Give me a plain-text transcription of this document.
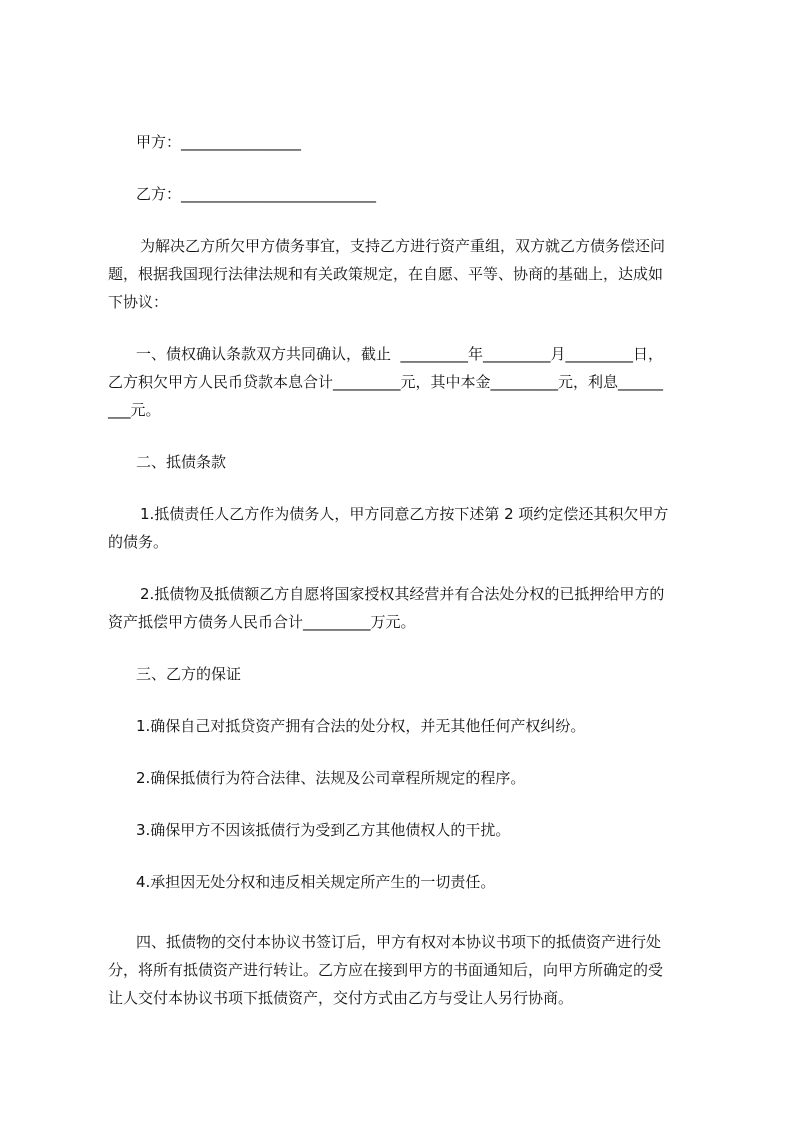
甲方：________________

乙方：__________________________

为解决乙方所欠甲方债务事宜，支持乙方进行资产重组，双方就乙方债务偿还问

题，根据我国现行法律法规和有关政策规定，在自愿、平等、协商的基础上，达成如

下协议：

一、债权确认条款双方共同确认，截止  _________年_________月_________日，

乙方积欠甲方人民币贷款本息合计_________元，其中本金_________元，利息______

___元。

二、抵债条款

1.抵债责任人乙方作为债务人，甲方同意乙方按下述第 2 项约定偿还其积欠甲方

的债务。

2.抵债物及抵债额乙方自愿将国家授权其经营并有合法处分权的已抵押给甲方的

资产抵偿甲方债务人民币合计_________万元。

三、乙方的保证

1.确保自己对抵贷资产拥有合法的处分权，并无其他任何产权纠纷。

2.确保抵债行为符合法律、法规及公司章程所规定的程序。

3.确保甲方不因该抵债行为受到乙方其他债权人的干扰。

4.承担因无处分权和违反相关规定所产生的一切责任。

四、抵债物的交付本协议书签订后，甲方有权对本协议书项下的抵债资产进行处

分，将所有抵债资产进行转让。乙方应在接到甲方的书面通知后，向甲方所确定的受

让人交付本协议书项下抵债资产，交付方式由乙方与受让人另行协商。
